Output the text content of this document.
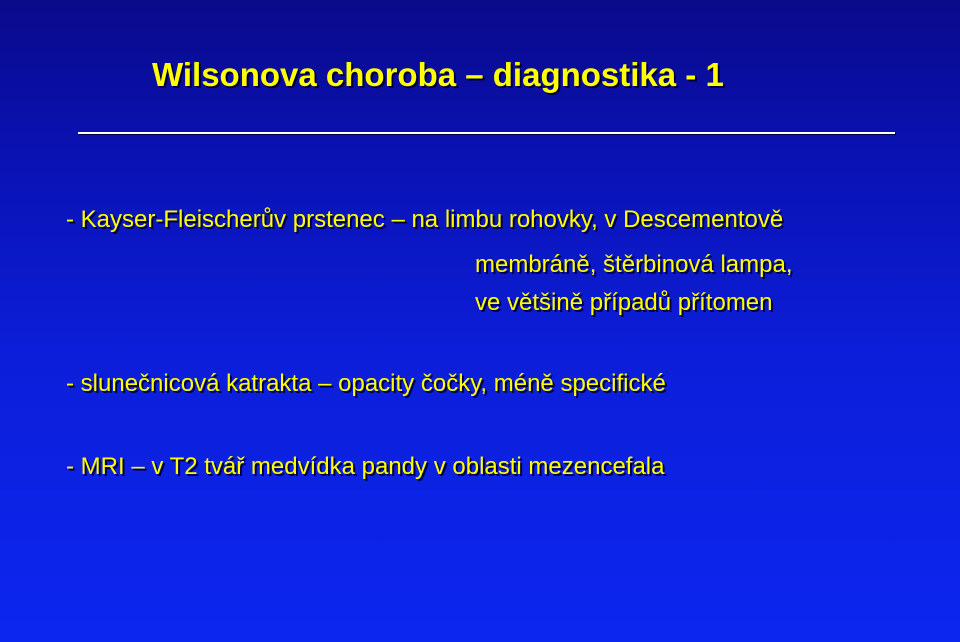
Wilsonova choroba – diagnostika - 1

- Kayser-Fleischerův prstenec – na limbu rohovky, v Descementově

membráně, štěrbinová lampa,

ve většině případů přítomen

- slunečnicová katrakta – opacity čočky, méně specifické

- MRI – v T2 tvář medvídka pandy v oblasti mezencefala
